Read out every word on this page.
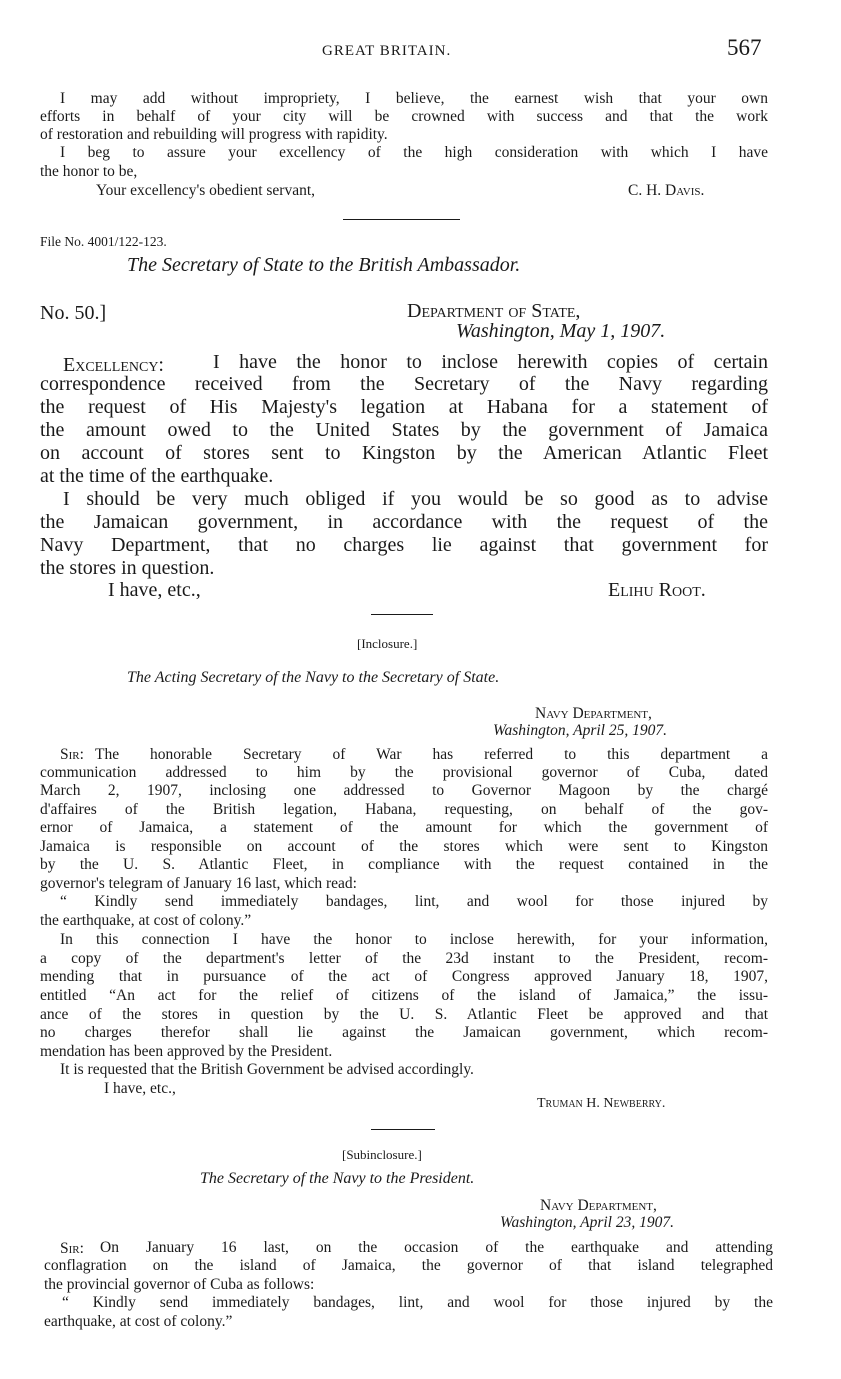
GREAT BRITAIN.	567
I may add without impropriety, I believe, the earnest wish that your own
efforts in behalf of your city will be crowned with success and that the work
of restoration and rebuilding will progress with rapidity.
I beg to assure your excellency of the high consideration with which I have
the honor to be,
Your excellency's obedient servant,	C. H. Davis.
File No. 4001/122-123.
The Secretary of State to the British Ambassador.
No. 50.]	Department of State,
Washington, May 1, 1907.
Excellency: I have the honor to inclose herewith copies of certain
correspondence received from the Secretary of the Navy regarding
the request of His Majesty's legation at Habana for a statement of
the amount owed to the United States by the government of Jamaica
on account of stores sent to Kingston by the American Atlantic Fleet
at the time of the earthquake.
I should be very much obliged if you would be so good as to advise
the Jamaican government, in accordance with the request of the
Navy Department, that no charges lie against that government for
the stores in question.
I have, etc.,	Elihu Root.
[Inclosure.]
The Acting Secretary of the Navy to the Secretary of State.
Navy Department,
Washington, April 25, 1907.
Sir: The honorable Secretary of War has referred to this department a
communication addressed to him by the provisional governor of Cuba, dated
March 2, 1907, inclosing one addressed to Governor Magoon by the chargé
d'affaires of the British legation, Habana, requesting, on behalf of the gov-
ernor of Jamaica, a statement of the amount for which the government of
Jamaica is responsible on account of the stores which were sent to Kingston
by the U. S. Atlantic Fleet, in compliance with the request contained in the
governor's telegram of January 16 last, which read:
“ Kindly send immediately bandages, lint, and wool for those injured by
the earthquake, at cost of colony.”
In this connection I have the honor to inclose herewith, for your information,
a copy of the department's letter of the 23d instant to the President, recom-
mending that in pursuance of the act of Congress approved January 18, 1907,
entitled “An act for the relief of citizens of the island of Jamaica,” the issu-
ance of the stores in question by the U. S. Atlantic Fleet be approved and that
no charges therefor shall lie against the Jamaican government, which recom-
mendation has been approved by the President.
It is requested that the British Government be advised accordingly.
I have, etc.,
Truman H. Newberry.
[Subinclosure.]
The Secretary of the Navy to the President.
Navy Department,
Washington, April 23, 1907.
Sir: On January 16 last, on the occasion of the earthquake and attending
conflagration on the island of Jamaica, the governor of that island telegraphed
the provincial governor of Cuba as follows:
“ Kindly send immediately bandages, lint, and wool for those injured by the
earthquake, at cost of colony.”
